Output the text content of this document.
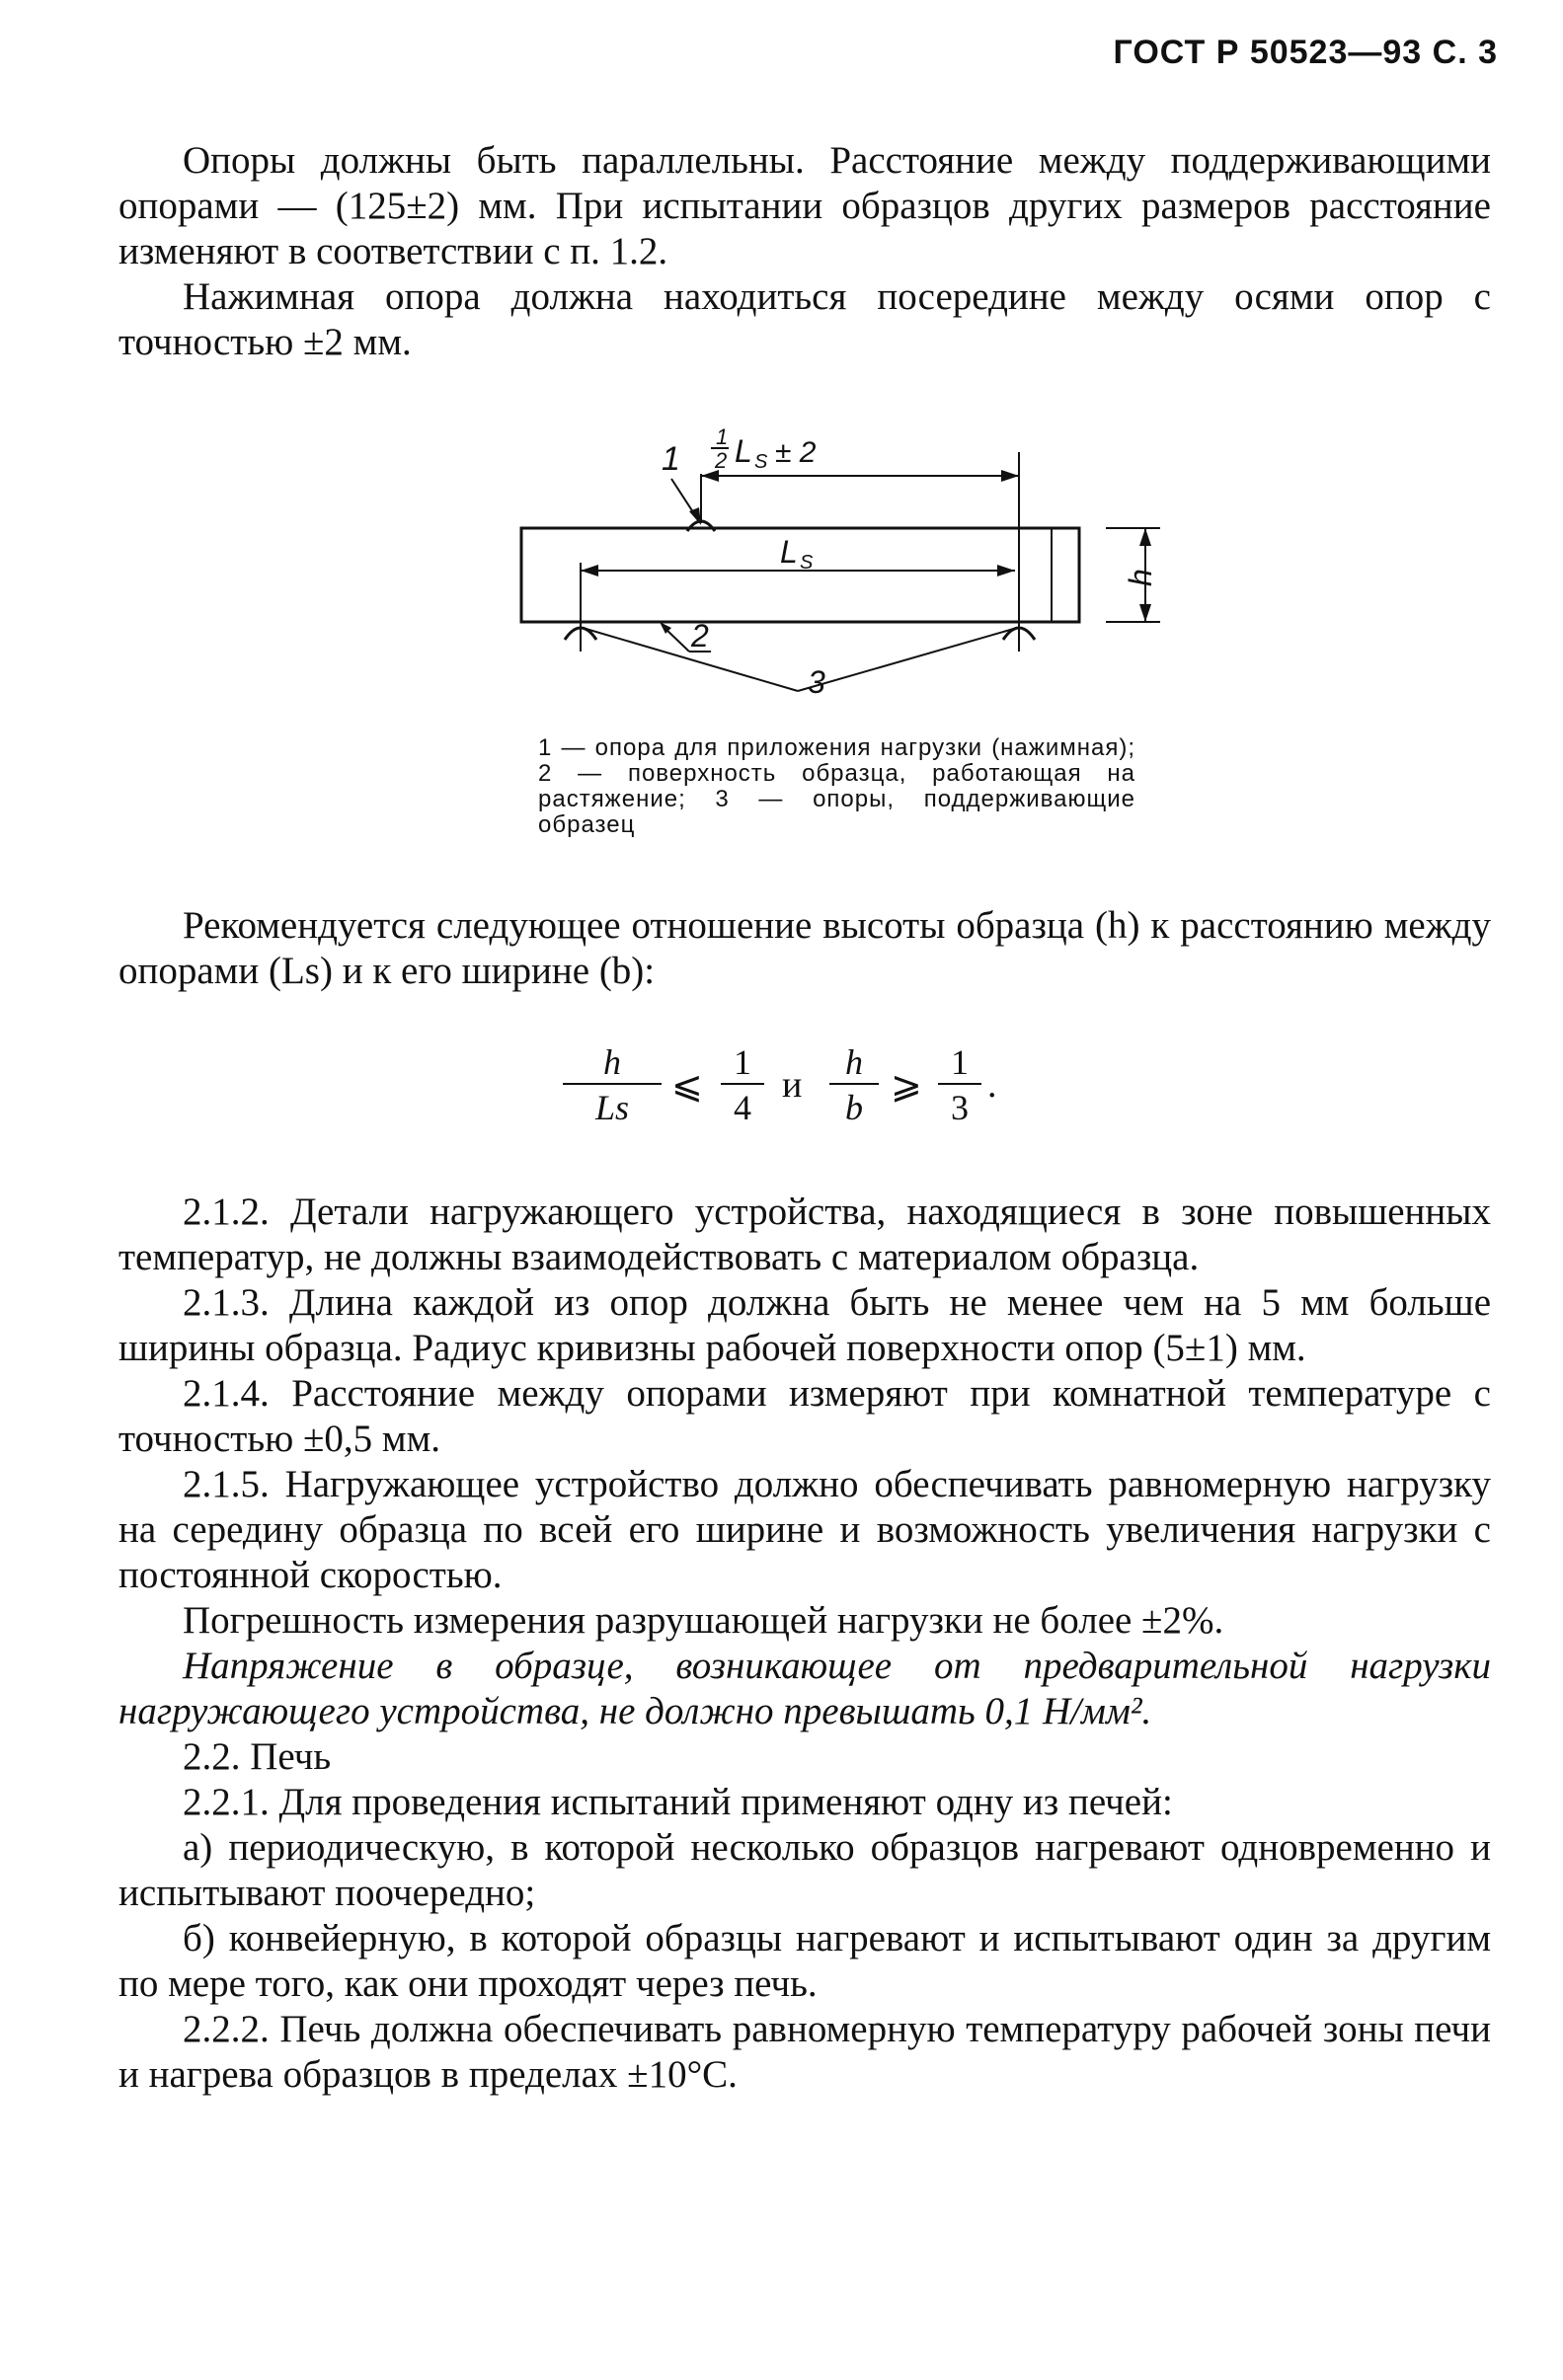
ГОСТ Р 50523—93 С. 3

Опоры должны быть параллельны. Расстояние между поддерживающими опорами — (125±2) мм. При испытании образцов других размеров расстояние изменяют в соответствии с п. 1.2.

Нажимная опора должна находиться посередине между осями опор с точностью ±2 мм.

1
1
2 L S ± 2
L S
h
2
3
1 — опора для приложения нагрузки (нажимная); 2 — поверхность образца, работающая на растяжение; 3 — опоры, поддерживающие образец

Рекомендуется следующее отношение высоты образца (h) к расстоянию между опорами (Ls) и к его ширине (b):

h
Ls
⩽
1
4
и
h
b
⩾
1
3
.

2.1.2. Детали нагружающего устройства, находящиеся в зоне повышенных температур, не должны взаимодействовать с материалом образца.

2.1.3. Длина каждой из опор должна быть не менее чем на 5 мм больше ширины образца. Радиус кривизны рабочей поверхности опор (5±1) мм.

2.1.4. Расстояние между опорами измеряют при комнатной температуре с точностью ±0,5 мм.

2.1.5. Нагружающее устройство должно обеспечивать равномерную нагрузку на середину образца по всей его ширине и возможность увеличения нагрузки с постоянной скоростью.

Погрешность измерения разрушающей нагрузки не более ±2%.

Напряжение в образце, возникающее от предварительной нагрузки нагружающего устройства, не должно превышать 0,1 Н/мм².

2.2. Печь

2.2.1. Для проведения испытаний применяют одну из печей:

а) периодическую, в которой несколько образцов нагревают одновременно и испытывают поочередно;

б) конвейерную, в которой образцы нагревают и испытывают один за другим по мере того, как они проходят через печь.

2.2.2. Печь должна обеспечивать равномерную температуру рабочей зоны печи и нагрева образцов в пределах ±10°С.
